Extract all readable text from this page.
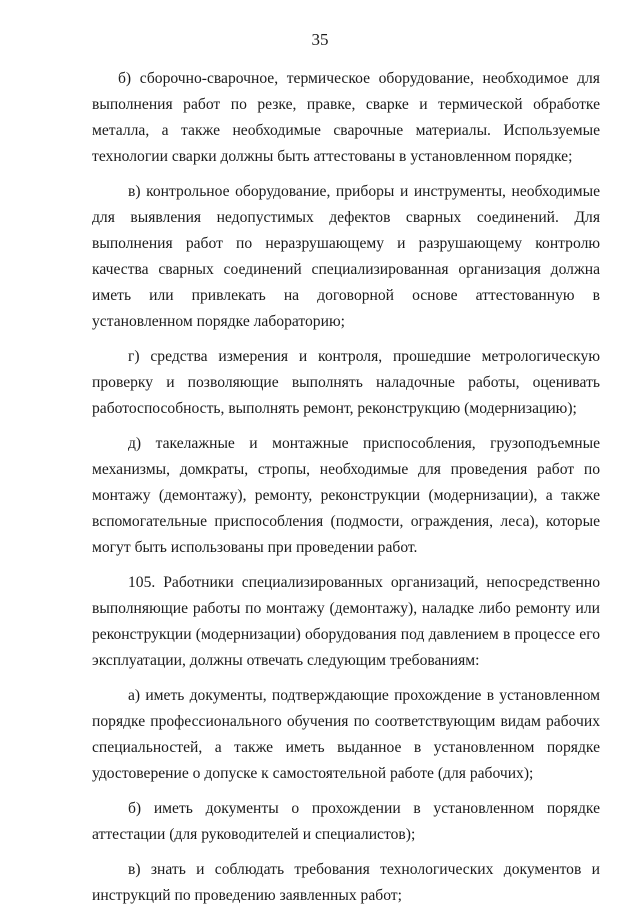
35

б) сборочно-сварочное, термическое оборудование, необходимое для выполнения работ по резке, правке, сварке и термической обработке металла, а также необходимые сварочные материалы. Используемые технологии сварки должны быть аттестованы в установленном порядке;

в) контрольное оборудование, приборы и инструменты, необходимые для выявления недопустимых дефектов сварных соединений. Для выполнения работ по неразрушающему и разрушающему контролю качества сварных соединений специализированная организация должна иметь или привлекать на договорной основе аттестованную в установленном порядке лабораторию;

г) средства измерения и контроля, прошедшие метрологическую проверку и позволяющие выполнять наладочные работы, оценивать работоспособность, выполнять ремонт, реконструкцию (модернизацию);

д) такелажные и монтажные приспособления, грузоподъемные механизмы, домкраты, стропы, необходимые для проведения работ по монтажу (демонтажу), ремонту, реконструкции (модернизации), а также вспомогательные приспособления (подмости, ограждения, леса), которые могут быть использованы при проведении работ.

105. Работники специализированных организаций, непосредственно выполняющие работы по монтажу (демонтажу), наладке либо ремонту или реконструкции (модернизации) оборудования под давлением в процессе его эксплуатации, должны отвечать следующим требованиям:

а) иметь документы, подтверждающие прохождение в установленном порядке профессионального обучения по соответствующим видам рабочих специальностей, а также иметь выданное в установленном порядке удостоверение о допуске к самостоятельной работе (для рабочих);

б) иметь документы о прохождении в установленном порядке аттестации (для руководителей и специалистов);

в) знать и соблюдать требования технологических документов и инструкций по проведению заявленных работ;
